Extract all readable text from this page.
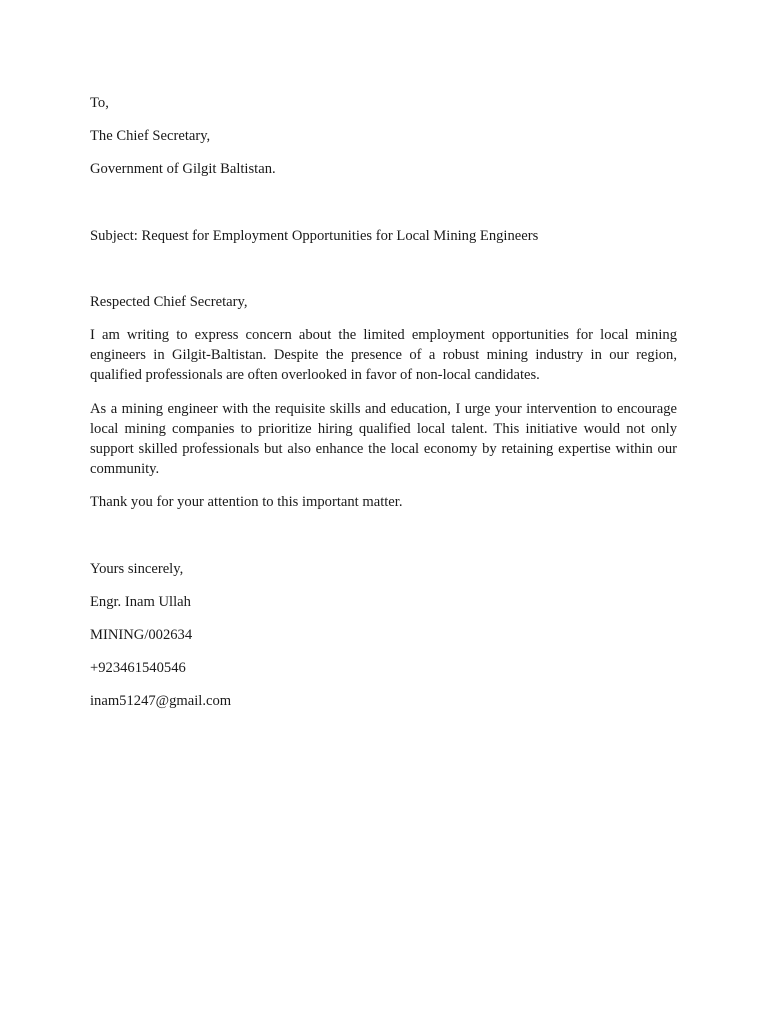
To,

The Chief Secretary,

Government of Gilgit Baltistan.

Subject: Request for Employment Opportunities for Local Mining Engineers

Respected Chief Secretary,

I am writing to express concern about the limited employment opportunities for local mining engineers in Gilgit-Baltistan. Despite the presence of a robust mining industry in our region, qualified professionals are often overlooked in favor of non-local candidates.

As a mining engineer with the requisite skills and education, I urge your intervention to encourage local mining companies to prioritize hiring qualified local talent. This initiative would not only support skilled professionals but also enhance the local economy by retaining expertise within our community.

Thank you for your attention to this important matter.

Yours sincerely,

Engr. Inam Ullah

MINING/002634

+923461540546

inam51247@gmail.com
